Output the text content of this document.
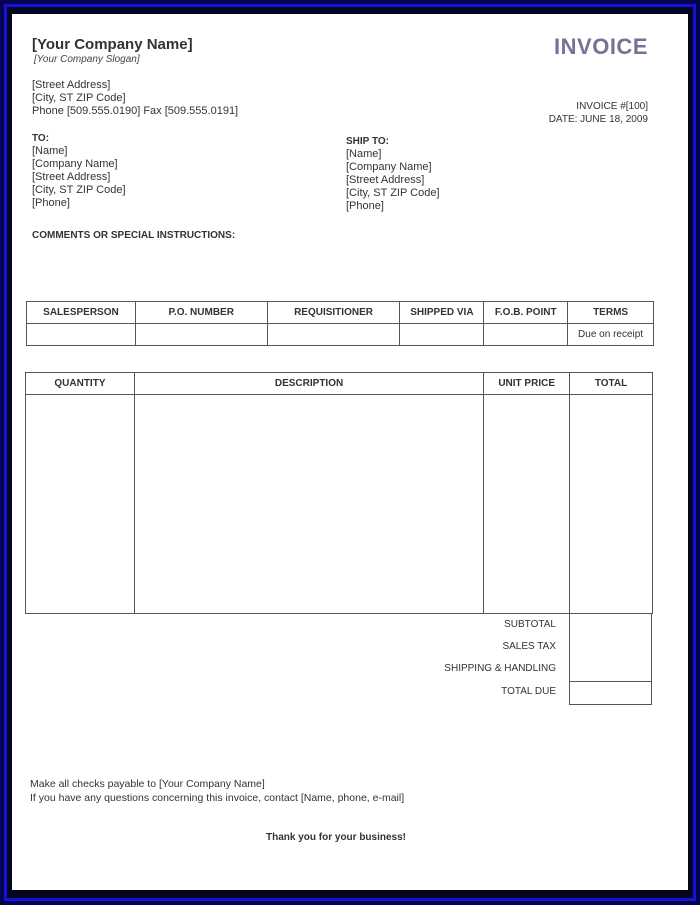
[Your Company Name]
[Your Company Slogan]
INVOICE
[Street Address]
[City, ST ZIP Code]
Phone [509.555.0190] Fax [509.555.0191]	INVOICE #[100]
DATE: JUNE 18, 2009
TO:
[Name]
[Company Name]
[Street Address]
[City, ST ZIP Code]
[Phone]
SHIP TO:
[Name]
[Company Name]
[Street Address]
[City, ST ZIP Code]
[Phone]
COMMENTS OR SPECIAL INSTRUCTIONS:
SALESPERSON	P.O. NUMBER	REQUISITIONER	SHIPPED VIA	F.O.B. POINT	TERMS
					Due on receipt
QUANTITY	DESCRIPTION	UNIT PRICE	TOTAL

SUBTOTAL
SALES TAX
SHIPPING & HANDLING
TOTAL DUE
Make all checks payable to [Your Company Name]
If you have any questions concerning this invoice, contact [Name, phone, e-mail]
Thank you for your business!
